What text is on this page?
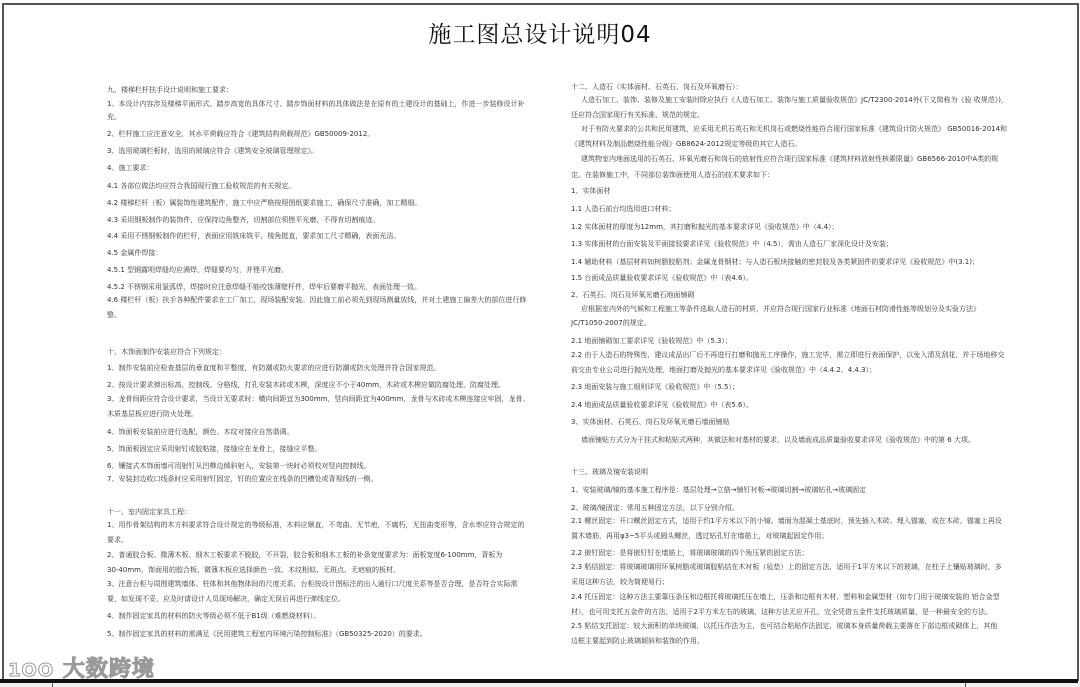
施工图总设计说明04
九、楼梯栏杆扶手设计说明和施工要求：
1、本设计内容涉及楼梯平面形式、踏步高宽的具体尺寸、踏步饰面材料的具体做法是在原有的土建设计的基础上，作进一步装修设计补
充。
2、栏杆施工应注意安全，其水平荷载应符合《建筑结构荷载规范》GB50009-2012。
3、选用玻璃栏板时，选用的玻璃应符合《建筑安全玻璃管理规定》。
4、施工要求：
4.1 各部位做法均应符合我国现行施工验收规范的有关规定。
4.2 楼梯栏杆（板）属装饰性建筑配件，施工中应严格按照图纸要求施工，确保尺寸准确，加工精细。
4.3 采用钢板制作的装饰件，应保持边角整齐，切割部位须锉平光磨，不得有切割痕迹。
4.4 采用不锈钢板制作的栏杆，表面应用铣床铣平，棱角挺直，要求加工尺寸精确，表面光洁。
4.5 金属件焊接：
4.5.1 型钢露明焊缝均应满焊，焊缝要均匀，并锉平光磨。
4.5.2 不锈钢采用氩弧焊，焊接时应注意焊缝不能咬蚀薄壁杆件，焊牢后要磨平抛光，表面处理一致。
4.6 楼栏杆（板）扶手各种配件要求在工厂加工，现场装配安装。因此施工前必须先到现场测量放线，并对土建施工偏差大的部位进行修
整。
十、木饰面制作安装应符合下列规定：
1、制作安装前应检查基层的垂直度和平整度，有防潮或防火要求的应进行防潮或防火处理并符合国家规范。
2、按设计要求弹出标高、控制线、分格线，打孔安装木砖或木楔，深度应不小于40mm，木砖或木楔应做防腐处理，防腐处理。
3、龙骨间距应符合设计要求，当设计无要求时：横向间距宜为300mm，竖向间距宜为400mm，龙骨与木砖或木楔连接应牢固，龙骨、
木质基层板应进行防火处理。
4、饰面板安装前应进行选配，颜色、木纹对接应自然谐调。
5、饰面板固定应采用射钉或胶粘接，接缝应在龙骨上，接缝应平整。
6、镶接式木饰面墙可用射钉从凹榫边倾斜射入，安装第一块时必须校对竖向控制线。
7、安装封边收口线条时应采用射钉固定，钉的位置应在线条的凹槽处或背视线的一侧。
十一、室内固定家具工程：
1、用作骨架结构的木方料要求符合设计规定的等级标准，木料应顺直，不弯曲、无节疤，不腐朽，无扭曲变形等，含水率应符合规定的
要求。
2、普通胶合板、微薄木板、细木工板要求不脱胶，不开裂，胶合板和细木工板的补条宽度要求为：面板宽度6-100mm，背板为
30-40mm，饰面用的胶合板、微薄木板应选择颜色一致、木纹相似、无斑点、无疤痕的板材。
3、注意台柜与周围建筑墙体、柱体和其他物体间的尺度关系，台柜按设计图标注的出入通行口尺度关系等是否合理，是否符合实际需
要，如发现不妥，应及时请设计人员现场解决，确定无误后再进行弹线定位。
4、制作固定家具的材料的防火等级必须不低于B1级（难燃烧材料）。
5、制作固定家具的材料的需满足《民用建筑工程室内环境污染控制标准》（GB50325-2020）的要求。
十二、人造石（实体面材、石英石、岗石及环氧磨石）：
人造石加工、装饰、装修及施工安装时除应执行《人造石加工、装饰与施工质量验收规范》JC/T2300-2014外(下文简称为《验 收规范》)，
还应符合国家现行有关标准、规范的规定。
对于有防火要求的公共和民用建筑，应采用无机石英石和无机岗石或燃烧性能符合现行国家标准《建筑设计防火规范》 GB50016-2014和
《建筑材料及制品燃烧性能分级》GB8624-2012规定等级的其它人造石。
建筑物室内地面选用的石英石、环氧光磨石和岗石的放射性应符合现行国家标准《建筑材料放射性核素限量》GB6566-2010中A类的规
定。在装修施工中，不同部位装饰面使用人造石的技术要求如下：
1、实体面材
1.1 人造石前台均选用进口材料；
1.2 实体面材的厚度为12mm，其打磨和抛光的基本要求详见《验收规范》中（4.4）；
1.3 实体面材的台面安装及平面接驳要求详见《验收规范》中（4.5），需由人造石厂家深化设计及安装；
1.4 辅助材料（基层材料如树脂胶粘剂；金属龙骨钢材；与人造石板块接触的密封胶及各类紧固件的要求详见《验收规范》中(3.1)；
1.5 台面成品质量验收要求详见《验收规范》中（表4.6）。
2、石英石、岗石及环氧光磨石地面铺砌
应根据室内外的气候和工程施工等条件选取人造石的材质，并应符合现行国家行业标准《地面石材防滑性能等级划分及实验方法》
JC/T1050-2007的规定。
2.1 地面铺砌加工要求详见《验收规范》中（5.3）；
2.2 由于人造石的特殊性，建议成品出厂后不再进行打磨和抛光工序操作，施工完毕，需立即进行表面保护，以免入渍及刮花，并于场地移交
前交由专业公司进行抛光处理，地面打磨及抛光的基本要求详见《验收规范》中（4.4.2、4.4.3）；
2.3 地面安装与施工细则详见《验收规范》中（5.5）；
2.4 地面成品质量验收要求详见《验收规范》中（表5.6）。
3、实体面材、石英石、岗石及环氧光磨石墙面铺贴
墙面铺贴方式分为干挂式和粘贴式两种，其做法和对基材的要求，以及墙面成品质量验收要求详见《验收规范》中的第 6 大项。
十三、玻璃及镜安装说明
1、安装玻璃/镜的基本施工程序是：基层处理→立筋→铺钉衬板→玻璃切割→玻璃钻孔→玻璃固定
2、玻璃/镜固定：常用五种固定方法，以下分别介绍。
2.1 螺丝固定：开口螺丝固定方式，适用于约1平方米以下的小镜。墙面为混凝土基底时，预先插入木砖、埋入锚塞，或在木砖、锚塞上再设
置木墙筋，再用φ3~5平头或圆头螺丝，透过钻孔钉在墙筋上，对玻璃起固定作用；
2.2 嵌钉固定：是将嵌钉钉在墙筋上，将玻璃玻璃的四个角压紧的固定方法；
2.3 粘结固定：将玻璃玻璃用环氧树脂或玻璃胶粘结在木衬板（毡垫）上的固定方法，适用于1平方米以下的玻璃，在柱子上镶贴玻璃时，多
采用这种方法，较为简便易行；
2.4 托压固定：这种方法主要靠压条压和边框托将玻璃托压在墙上，压条和边框有木材、塑料和金属型材（如专门用于玻璃安装的 铝合金型
材），也可用支托五金件的方法，适用于2平方米左右的玻璃，这种方法无应开孔，完全凭借五金件支托玻璃质量，是一种最安全的方法。
2.5 粘结支托固定：较大面积的单块玻璃，以托压作法为主，也可结合粘贴作法固定，玻璃本身质量荷载主要落在下部边框或砌体上，其他
边框主要起到防止玻璃倾斜和装饰的作用。
1OO 大数跨境
